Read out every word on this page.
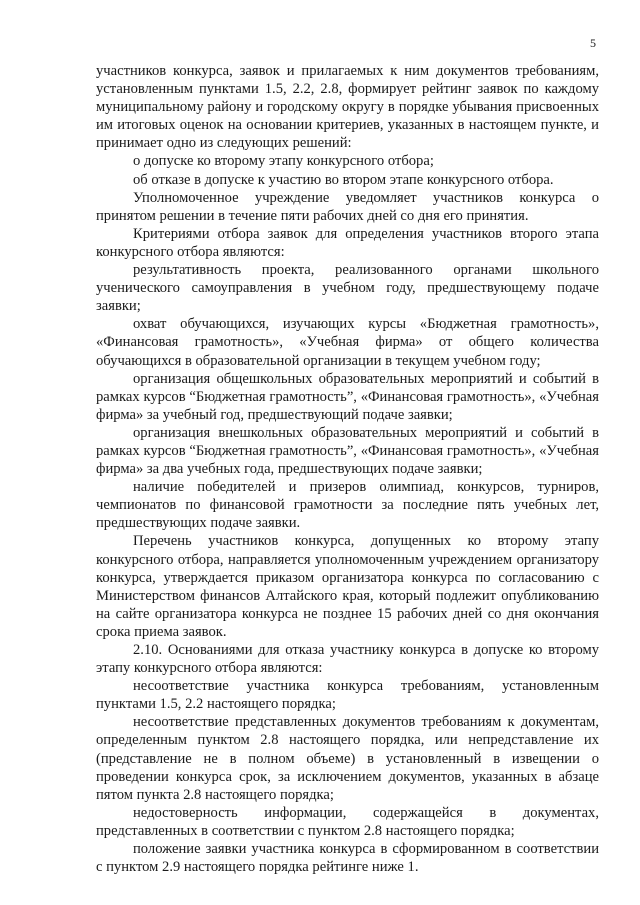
5

участников конкурса, заявок и прилагаемых к ним документов требованиям, установленным пунктами 1.5, 2.2, 2.8, формирует рейтинг заявок по каждому муниципальному району и городскому округу в порядке убывания присвоенных им итоговых оценок на основании критериев, указанных в настоящем пункте, и принимает одно из следующих решений:

о допуске ко второму этапу конкурсного отбора;

об отказе в допуске к участию во втором этапе конкурсного отбора.

Уполномоченное учреждение уведомляет участников конкурса о принятом решении в течение пяти рабочих дней со дня его принятия.

Критериями отбора заявок для определения участников второго этапа конкурсного отбора являются:

результативность проекта, реализованного органами школьного ученического самоуправления в учебном году, предшествующему подаче заявки;

охват обучающихся, изучающих курсы «Бюджетная грамотность», «Финансовая грамотность», «Учебная фирма» от общего количества обучающихся в образовательной организации в текущем учебном году;

организация общешкольных образовательных мероприятий и событий в рамках курсов “Бюджетная грамотность”, «Финансовая грамотность», «Учебная фирма» за учебный год, предшествующий подаче заявки;

организация внешкольных образовательных мероприятий и событий в рамках курсов “Бюджетная грамотность”, «Финансовая грамотность», «Учебная фирма» за два учебных года, предшествующих подаче заявки;

наличие победителей и призеров олимпиад, конкурсов, турниров, чемпионатов по финансовой грамотности за последние пять учебных лет, предшествующих подаче заявки.

Перечень участников конкурса, допущенных ко второму этапу конкурсного отбора, направляется уполномоченным учреждением организатору конкурса, утверждается приказом организатора конкурса по согласованию с Министерством финансов Алтайского края, который подлежит опубликованию на сайте организатора конкурса не позднее 15 рабочих дней со дня окончания срока приема заявок.

2.10. Основаниями для отказа участнику конкурса в допуске ко второму этапу конкурсного отбора являются:

несоответствие участника конкурса требованиям, установленным пунктами 1.5, 2.2 настоящего порядка;

несоответствие представленных документов требованиям к документам, определенным пунктом 2.8 настоящего порядка, или непредставление их (представление не в полном объеме) в установленный в извещении о проведении конкурса срок, за исключением документов, указанных в абзаце пятом пункта 2.8 настоящего порядка;

недостоверность информации, содержащейся в документах, представленных в соответствии с пунктом 2.8 настоящего порядка;

положение заявки участника конкурса в сформированном в соответствии с пунктом 2.9 настоящего порядка рейтинге ниже 1.
